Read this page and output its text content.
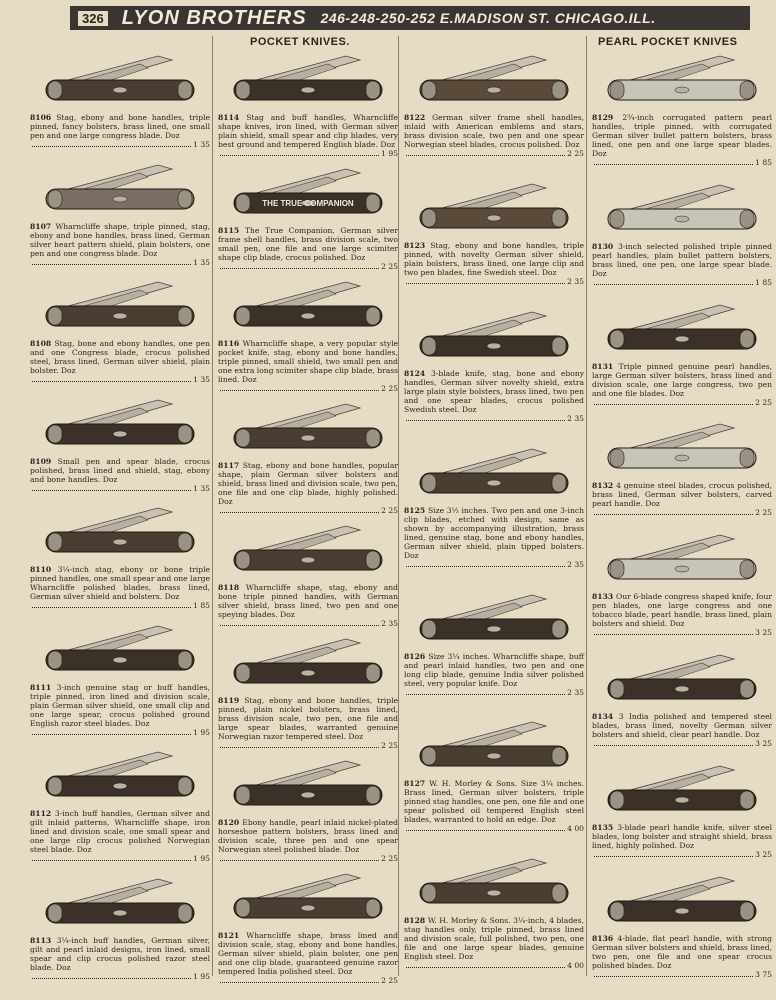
326 LYON BROTHERS 246-248-250-252 E.MADISON ST. CHICAGO.ILL.
POCKET KNIVES.	PEARL POCKET KNIVES
8106 Stag, ebony and bone handles, triple pinned, fancy bolsters, brass lined, one small pen and one large congress blade. Doz
1 35
8107 Wharncliffe shape, triple pinned, stag, ebony and bone handles, brass lined, German silver heart pattern shield, plain bolsters, one pen and one congress blade. Doz
1 35
8108 Stag, bone and ebony handles, one pen and one Congress blade, crocus polished steel, brass lined, German silver shield, plain bolster. Doz
1 35
8109 Small pen and spear blade, crocus polished, brass lined and shield, stag, ebony and bone handles. Doz
1 35
8110 3¼-inch stag, ebony or bone triple pinned handles, one small spear and one large Wharncliffe polished blades, brass lined, German silver shield and bolsters. Doz
1 85
8111 3-inch genuine stag or buff handles, triple pinned, iron lined and division scale, plain German silver shield, one small clip and one large spear, crocus polished ground English razor steel blades. Doz
1 95
8112 3-inch buff handles, German silver and gilt inlaid patterns, Wharncliffe shape, iron lined and division scale, one small spear and one large clip crocus polished Norwegian steel blade. Doz
1 95
8113 3¼-inch buff handles, German silver, gilt and pearl inlaid designs, iron lined, small spear and clip crocus polished razor steel blade. Doz
1 95
8114 Stag and buff handles, Wharncliffe shape knives, iron lined, with German silver plain shield, small spear and clip blades, very best ground and tempered English blade. Doz
1 95
THE TRUE COMPANION
8115 The True Companion, German silver frame shell handles, brass division scale, two small pen, one file and one large scimiter shape clip blade, crocus polished. Doz
2 25
8116 Wharncliffe shape, a very popular style pocket knife, stag, ebony and bone handles, triple pinned, small shield, two small pen and one extra long scimiter shape clip blade, brass lined. Doz
2 25
8117 Stag, ebony and bone handles, popular shape, plain German silver bolsters and shield, brass lined and division scale, two pen, one file and one clip blade, highly polished. Doz
2 25
8118 Wharncliffe shape, stag, ebony and bone triple pinned handles, with German silver shield, brass lined, two pen and one speying blades. Doz
2 35
8119 Stag, ebony and bone handles, triple pinned, plain nickel bolsters, brass lined, brass division scale, two pen, one file and large spear blades, warranted genuine Norwegian razor tempered steel. Doz
2 25
8120 Ebony handle, pearl inlaid nickel-plated horseshoe pattern bolsters, brass lined and division scale, three pen and one spear Norwegian steel polished blade. Doz
2 25
8121 Wharncliffe shape, brass lined and division scale, stag, ebony and bone handles, German silver shield, plain bolster, one pen and one clip blade, guaranteed genuine razor tempered India polished steel. Doz
2 25
8122 German silver frame shell handles, inlaid with American emblems and stars, brass division scale, two pen and one spear Norwegian steel blades, crocus polished. Doz
2 25
8123 Stag, ebony and bone handles, triple pinned, with novelty German silver shield, plain bolsters, brass lined, one large clip and two pen blades, fine Swedish steel. Doz
2 35
8124 3-blade knife, stag, bone and ebony handles, German silver novelty shield, extra large plain style bolsters, brass lined, two pen and one spear blades, crocus polished Swedish steel. Doz
2 35
8125 Size 3½ inches. Two pen and one 3-inch clip blades, etched with design, same as shown by accompanying illustration, brass lined, genuine stag, bone and ebony handles, German silver shield, plain tipped bolsters. Doz
2 35
8126 Size 3¼ inches. Wharncliffe shape, buff and pearl inlaid handles, two pen and one long clip blade, genuine India silver polished steel, very popular knife. Doz
2 35
8127 W. H. Morley & Sons. Size 3¼ inches. Brass lined, German silver bolsters, triple pinned stag handles, one pen, one file and one spear polished oil tempered English steel blades, warranted to hold an edge. Doz
4 00
8128 W. H. Morley & Sons. 3¼-inch, 4 blades, stag handles only, triple pinned, brass lined and division scale, full polished, two pen, one file and one large spear blades, genuine English steel. Doz
4 00
8129 2¾-inch corrugated pattern pearl handles, triple pinned, with corrugated German silver bullet pattern bolsters, brass lined, one pen and one large spear blades. Doz
1 85
8130 3-inch selected polished triple pinned pearl handles, plain bullet pattern bolsters, brass lined, one pen, one large spear blade. Doz
1 85
8131 Triple pinned genuine pearl handles, large German silver bolsters, brass lined and division scale, one large congress, two pen and one file blades. Doz
2 25
8132 4 genuine steel blades, crocus polished, brass lined, German silver bolsters, carved pearl handle. Doz
2 25
8133 Our 6-blade congress shaped knife, four pen blades, one large congress and one tobacco blade, pearl handle, brass lined, plain bolsters and shield. Doz
3 25
8134 3 India polished and tempered steel blades, brass lined, novelty German silver bolsters and shield, clear pearl handle. Doz
3 25
8135 3-blade pearl handle knife, silver steel blades, long bolster and straight shield, brass lined, highly polished. Doz
3 25
8136 4-blade, flat pearl handle, with strong German silver bolsters and shield, brass lined, two pen, one file and one spear crocus polished blades. Doz
3 75
